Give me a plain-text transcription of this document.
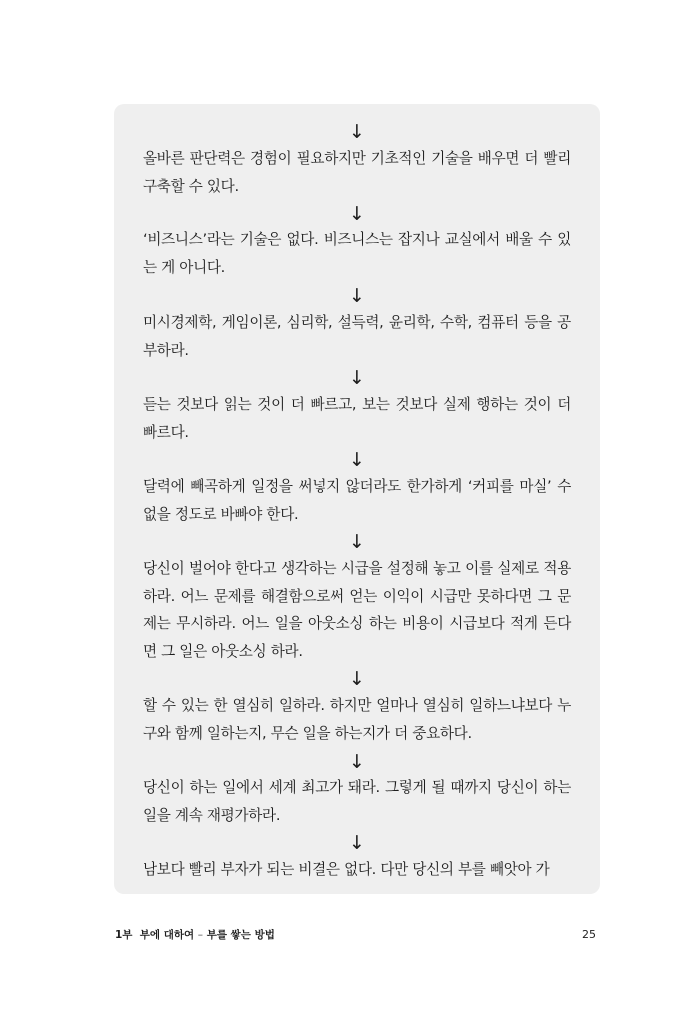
↓

올바른 판단력은 경험이 필요하지만 기초적인 기술을 배우면 더 빨리 구축할 수 있다.

↓

‘비즈니스’라는 기술은 없다. 비즈니스는 잡지나 교실에서 배울 수 있는 게 아니다.

↓

미시경제학, 게임이론, 심리학, 설득력, 윤리학, 수학, 컴퓨터 등을 공부하라.

↓

듣는 것보다 읽는 것이 더 빠르고, 보는 것보다 실제 행하는 것이 더 빠르다.

↓

달력에 빼곡하게 일정을 써넣지 않더라도 한가하게 ‘커피를 마실’ 수 없을 정도로 바빠야 한다.

↓

당신이 벌어야 한다고 생각하는 시급을 설정해 놓고 이를 실제로 적용하라. 어느 문제를 해결함으로써 얻는 이익이 시급만 못하다면 그 문제는 무시하라. 어느 일을 아웃소싱 하는 비용이 시급보다 적게 든다면 그 일은 아웃소싱 하라.

↓

할 수 있는 한 열심히 일하라. 하지만 얼마나 열심히 일하느냐보다 누구와 함께 일하는지, 무슨 일을 하는지가 더 중요하다.

↓

당신이 하는 일에서 세계 최고가 돼라. 그렇게 될 때까지 당신이 하는 일을 계속 재평가하라.

↓

남보다 빨리 부자가 되는 비결은 없다. 다만 당신의 부를 빼앗아 가

1부 부에 대하여 – 부를 쌓는 방법	25
